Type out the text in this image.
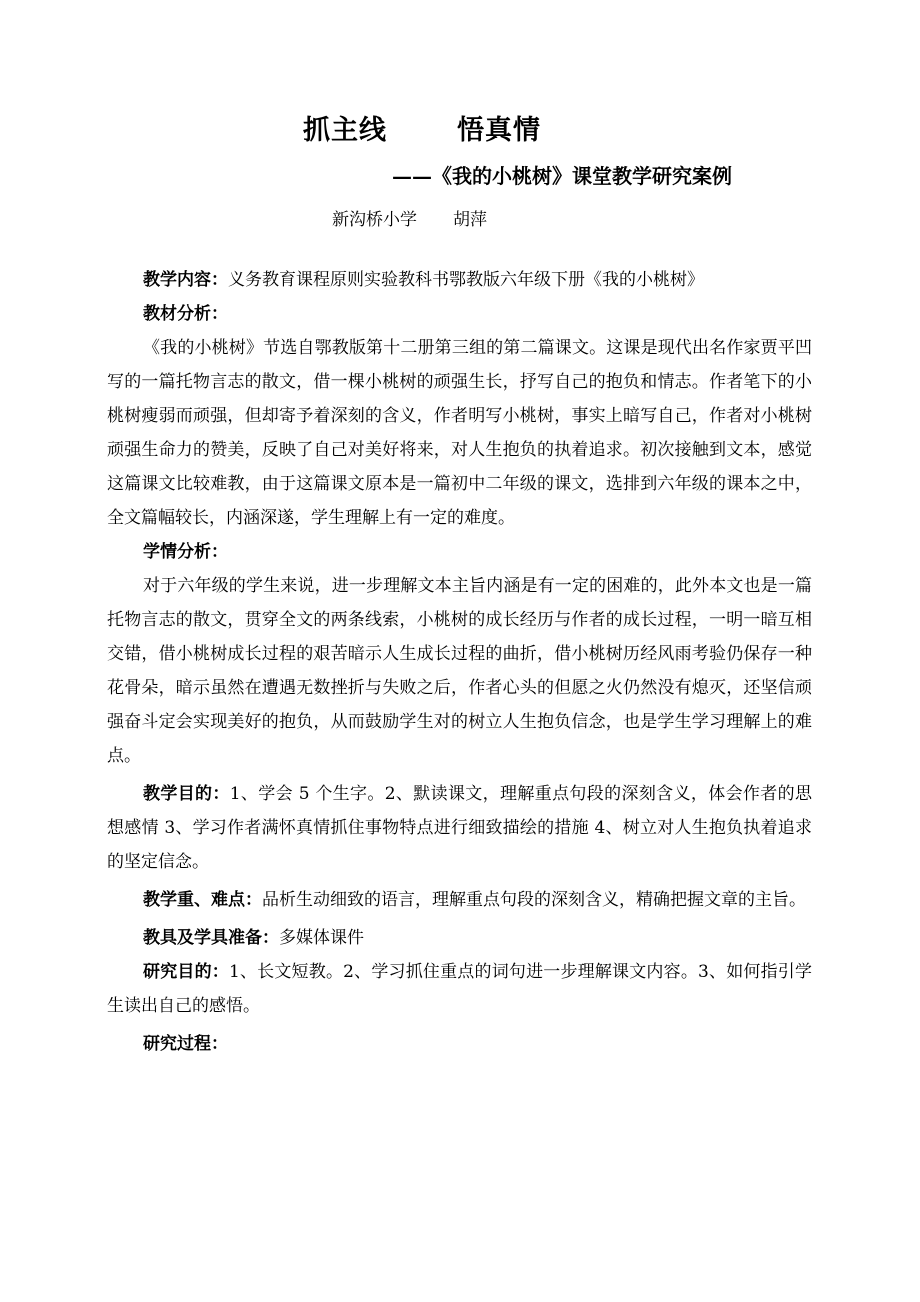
抓主线	悟真情
——《我的小桃树》课堂教学研究案例
新沟桥小学 胡萍

教学内容：义务教育课程原则实验教科书鄂教版六年级下册《我的小桃树》

教材分析：

《我的小桃树》节选自鄂教版第十二册第三组的第二篇课文。这课是现代出名作家贾平凹写的一篇托物言志的散文，借一棵小桃树的顽强生长，抒写自己的抱负和情志。作者笔下的小桃树瘦弱而顽强，但却寄予着深刻的含义，作者明写小桃树，事实上暗写自己，作者对小桃树顽强生命力的赞美，反映了自己对美好将来，对人生抱负的执着追求。初次接触到文本，感觉这篇课文比较难教，由于这篇课文原本是一篇初中二年级的课文，选排到六年级的课本之中，全文篇幅较长，内涵深遂，学生理解上有一定的难度。

学情分析：

对于六年级的学生来说，进一步理解文本主旨内涵是有一定的困难的，此外本文也是一篇托物言志的散文，贯穿全文的两条线索，小桃树的成长经历与作者的成长过程，一明一暗互相交错，借小桃树成长过程的艰苦暗示人生成长过程的曲折，借小桃树历经风雨考验仍保存一种花骨朵，暗示虽然在遭遇无数挫折与失败之后，作者心头的但愿之火仍然没有熄灭，还坚信顽强奋斗定会实现美好的抱负，从而鼓励学生对的树立人生抱负信念，也是学生学习理解上的难点。

教学目的：1、学会 5 个生字。2、默读课文，理解重点句段的深刻含义，体会作者的思想感情 3、学习作者满怀真情抓住事物特点进行细致描绘的措施 4、树立对人生抱负执着追求的坚定信念。

教学重、难点：品析生动细致的语言，理解重点句段的深刻含义，精确把握文章的主旨。

教具及学具准备：多媒体课件

研究目的：1、长文短教。2、学习抓住重点的词句进一步理解课文内容。3、如何指引学生读出自己的感悟。

研究过程：
